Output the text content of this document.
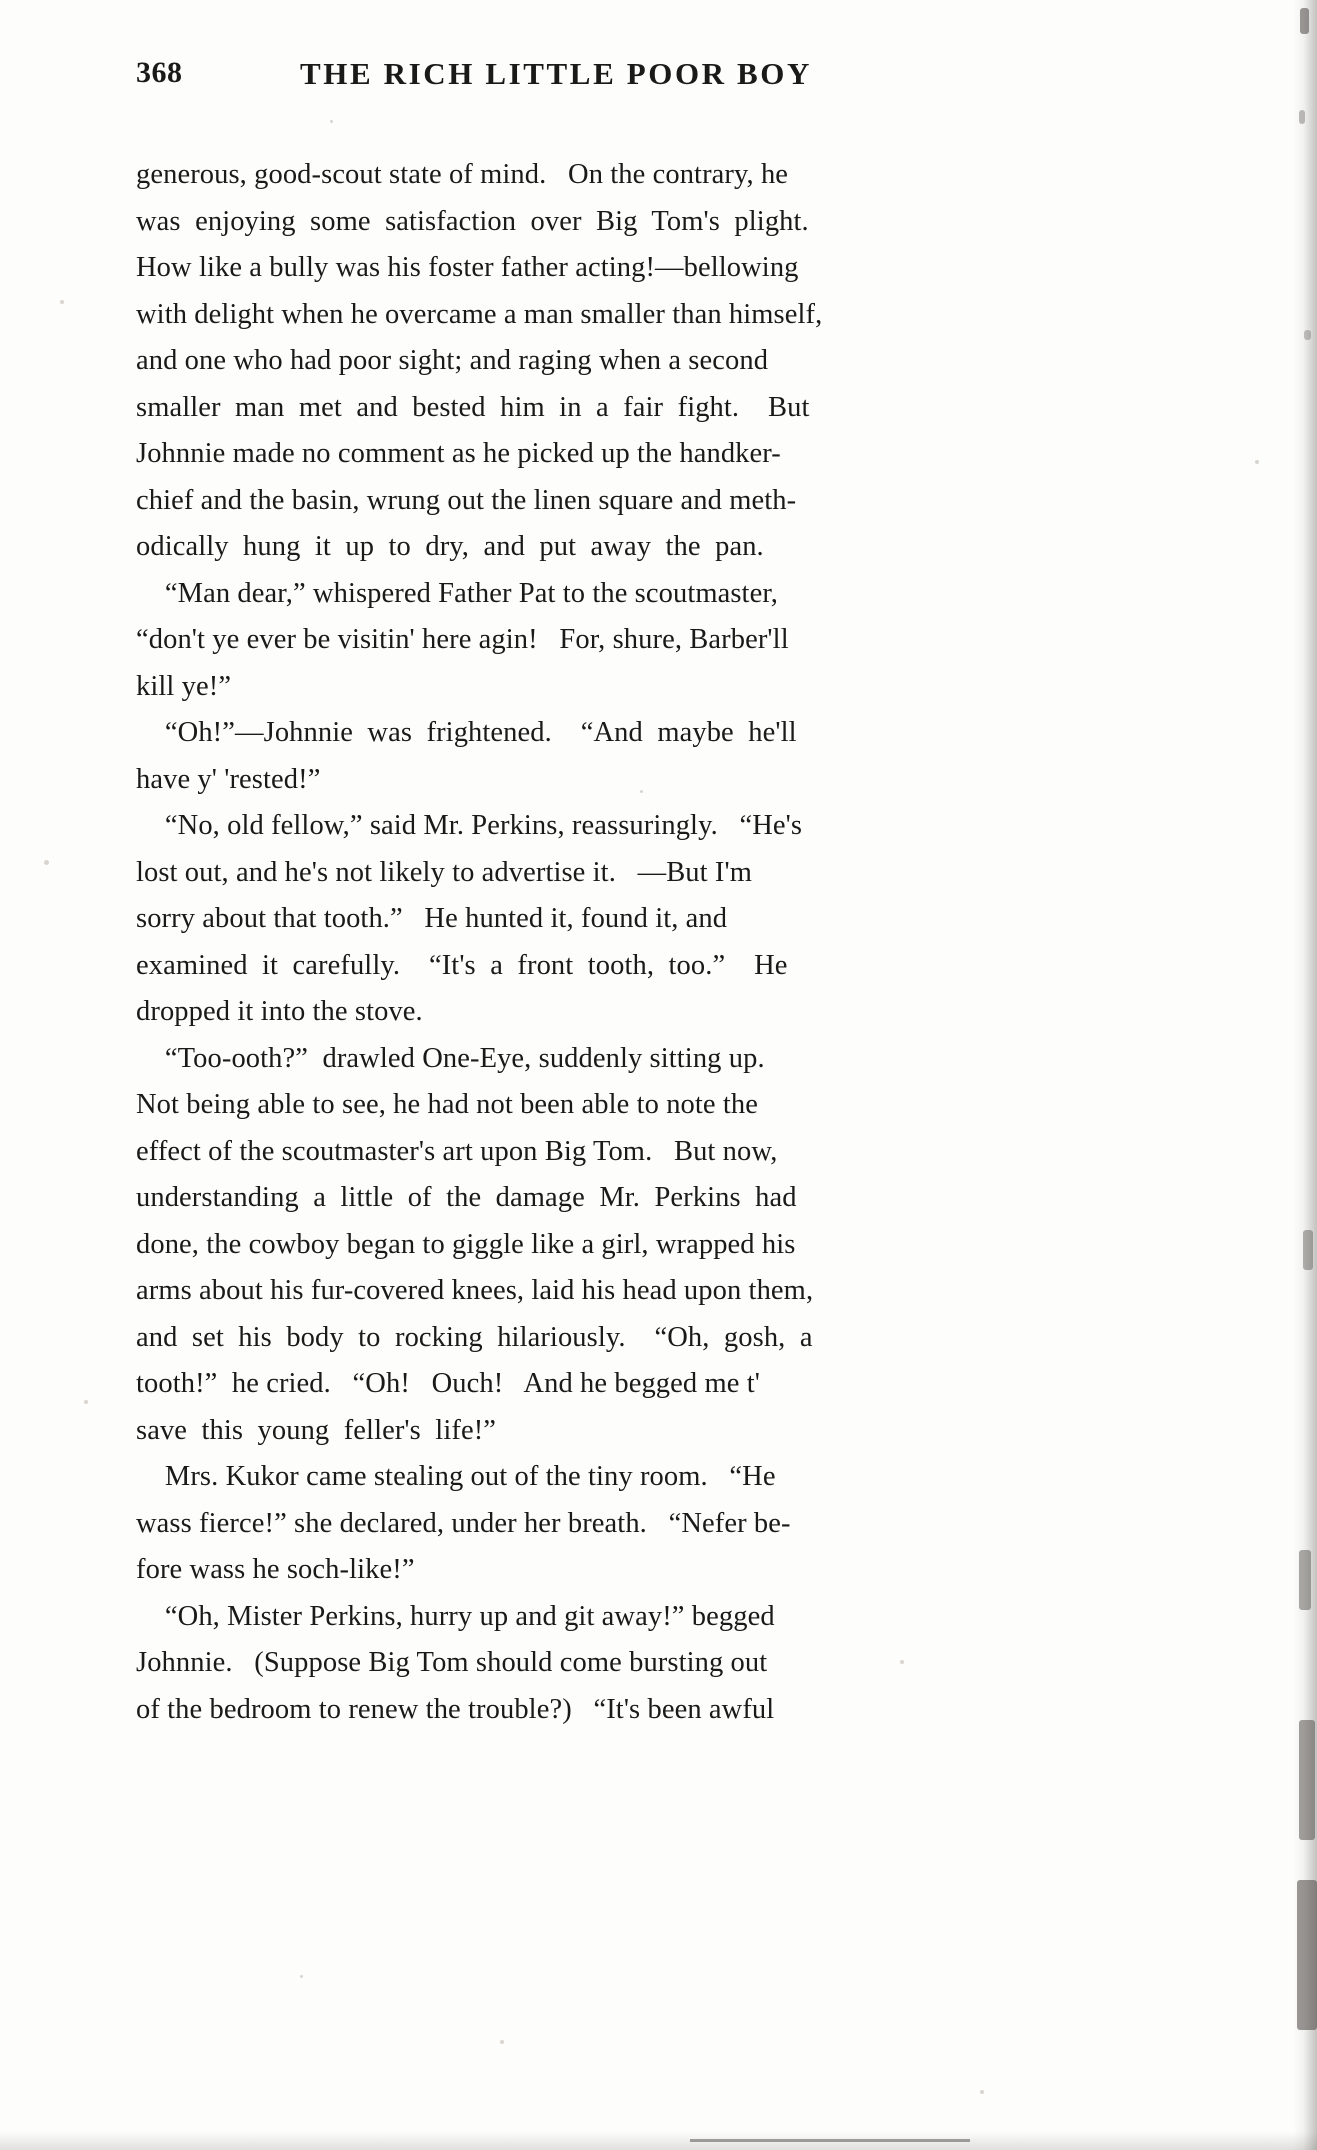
368	THE RICH LITTLE POOR BOY
generous, good-scout state of mind.   On the contrary, he
was  enjoying  some  satisfaction  over  Big  Tom's  plight.
How like a bully was his foster father acting!—bellowing
with delight when he overcame a man smaller than himself,
and one who had poor sight; and raging when a second
smaller  man  met  and  bested  him  in  a  fair  fight.    But
Johnnie made no comment as he picked up the handker-
chief and the basin, wrung out the linen square and meth-
odically  hung  it  up  to  dry,  and  put  away  the  pan.
“Man dear,” whispered Father Pat to the scoutmaster,
“don't ye ever be visitin' here agin!   For, shure, Barber'll
kill ye!”
“Oh!”—Johnnie  was  frightened.    “And  maybe  he'll
have y' 'rested!”
“No, old fellow,” said Mr. Perkins, reassuringly.   “He's
lost out, and he's not likely to advertise it.   —But I'm
sorry about that tooth.”   He hunted it, found it, and
examined  it  carefully.    “It's  a  front  tooth,  too.”    He
dropped it into the stove.
“Too-ooth?”  drawled One-Eye, suddenly sitting up.
Not being able to see, he had not been able to note the
effect of the scoutmaster's art upon Big Tom.   But now,
understanding  a  little  of  the  damage  Mr.  Perkins  had
done, the cowboy began to giggle like a girl, wrapped his
arms about his fur-covered knees, laid his head upon them,
and  set  his  body  to  rocking  hilariously.    “Oh,  gosh,  a
tooth!”  he cried.   “Oh!   Ouch!   And he begged me t'
save  this  young  feller's  life!”
Mrs. Kukor came stealing out of the tiny room.   “He
wass fierce!” she declared, under her breath.   “Nefer be-
fore wass he soch-like!”
“Oh, Mister Perkins, hurry up and git away!” begged
Johnnie.   (Suppose Big Tom should come bursting out
of the bedroom to renew the trouble?)   “It's been awful
